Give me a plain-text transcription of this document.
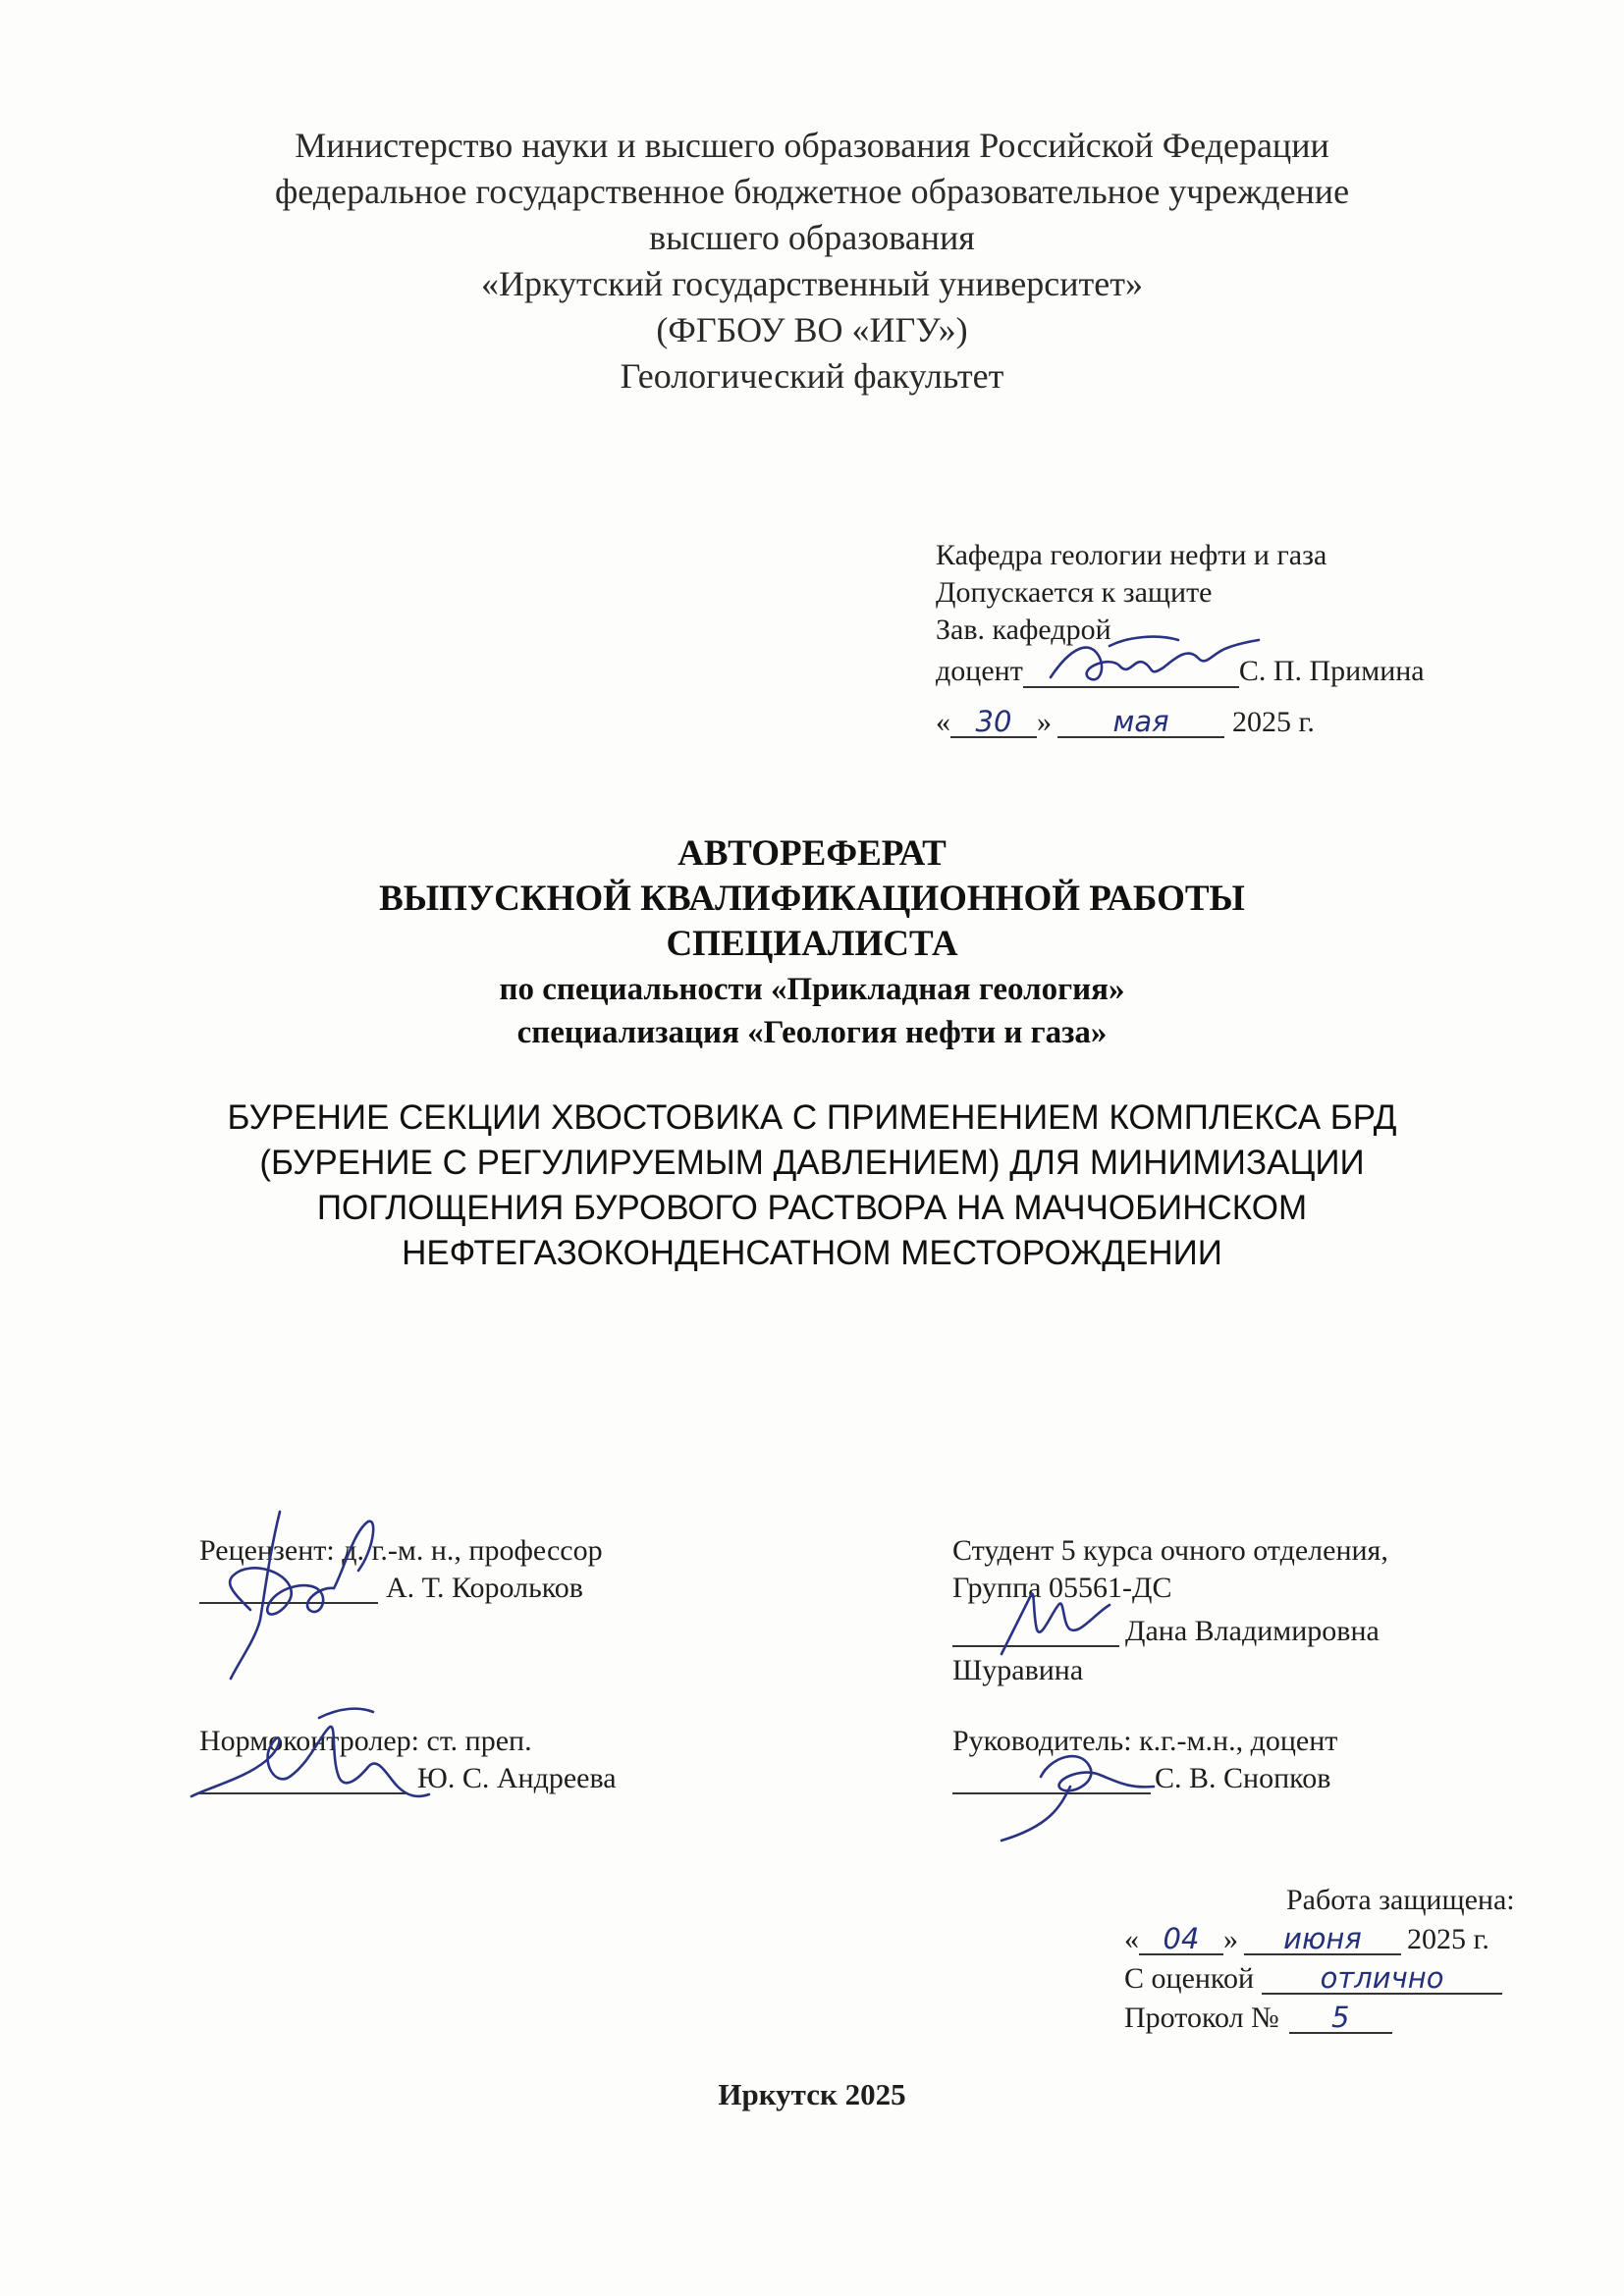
Министерство науки и высшего образования Российской Федерации
федеральное государственное бюджетное образовательное учреждение
высшего образования
«Иркутский государственный университет»
(ФГБОУ ВО «ИГУ»)
Геологический факультет
Кафедра геологии нефти и газа
Допускается к защите
Зав. кафедрой
доцент	С. П. Примина
« 30 » мая 2025 г.
АВТОРЕФЕРАТ
ВЫПУСКНОЙ КВАЛИФИКАЦИОННОЙ РАБОТЫ
СПЕЦИАЛИСТА
по специальности «Прикладная геология»
специализация «Геология нефти и газа»
БУРЕНИЕ СЕКЦИИ ХВОСТОВИКА С ПРИМЕНЕНИЕМ КОМПЛЕКСА БРД
(БУРЕНИЕ С РЕГУЛИРУЕМЫМ ДАВЛЕНИЕМ) ДЛЯ МИНИМИЗАЦИИ
ПОГЛОЩЕНИЯ БУРОВОГО РАСТВОРА НА МАЧЧОБИНСКОМ
НЕФТЕГАЗОКОНДЕНСАТНОМ МЕСТОРОЖДЕНИИ
Рецензент: д. г.-м. н., профессор
А. Т. Корольков
Нормоконтролер: ст. преп.
Ю. С. Андреева
Студент 5 курса очного отделения,
Группа 05561-ДС
Дана Владимировна
Шуравина
Руководитель: к.г.-м.н., доцент
С. В. Снопков
Работа защищена:
« 04 » июня 2025 г.
С оценкой отлично
Протокол № 5
Иркутск 2025
